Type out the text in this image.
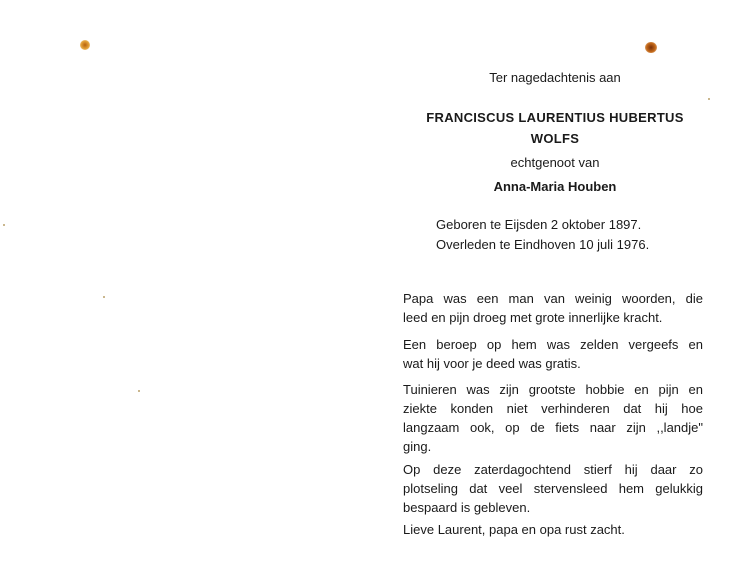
Ter nagedachtenis aan
FRANCISCUS LAURENTIUS HUBERTUS
WOLFS
echtgenoot van
Anna-Maria Houben
Geboren te Eijsden 2 oktober 1897.
Overleden te Eindhoven 10 juli 1976.
Papa was een man van weinig woorden, die
leed en pijn droeg met grote innerlijke kracht.
Een beroep op hem was zelden vergeefs en
wat hij voor je deed was gratis.
Tuinieren was zijn grootste hobbie en pijn en
ziekte konden niet verhinderen dat hij hoe
langzaam ook, op de fiets naar zijn ,,landje"
ging.
Op deze zaterdagochtend stierf hij daar zo
plotseling dat veel stervensleed hem gelukkig
bespaard is gebleven.
Lieve Laurent, papa en opa rust zacht.
